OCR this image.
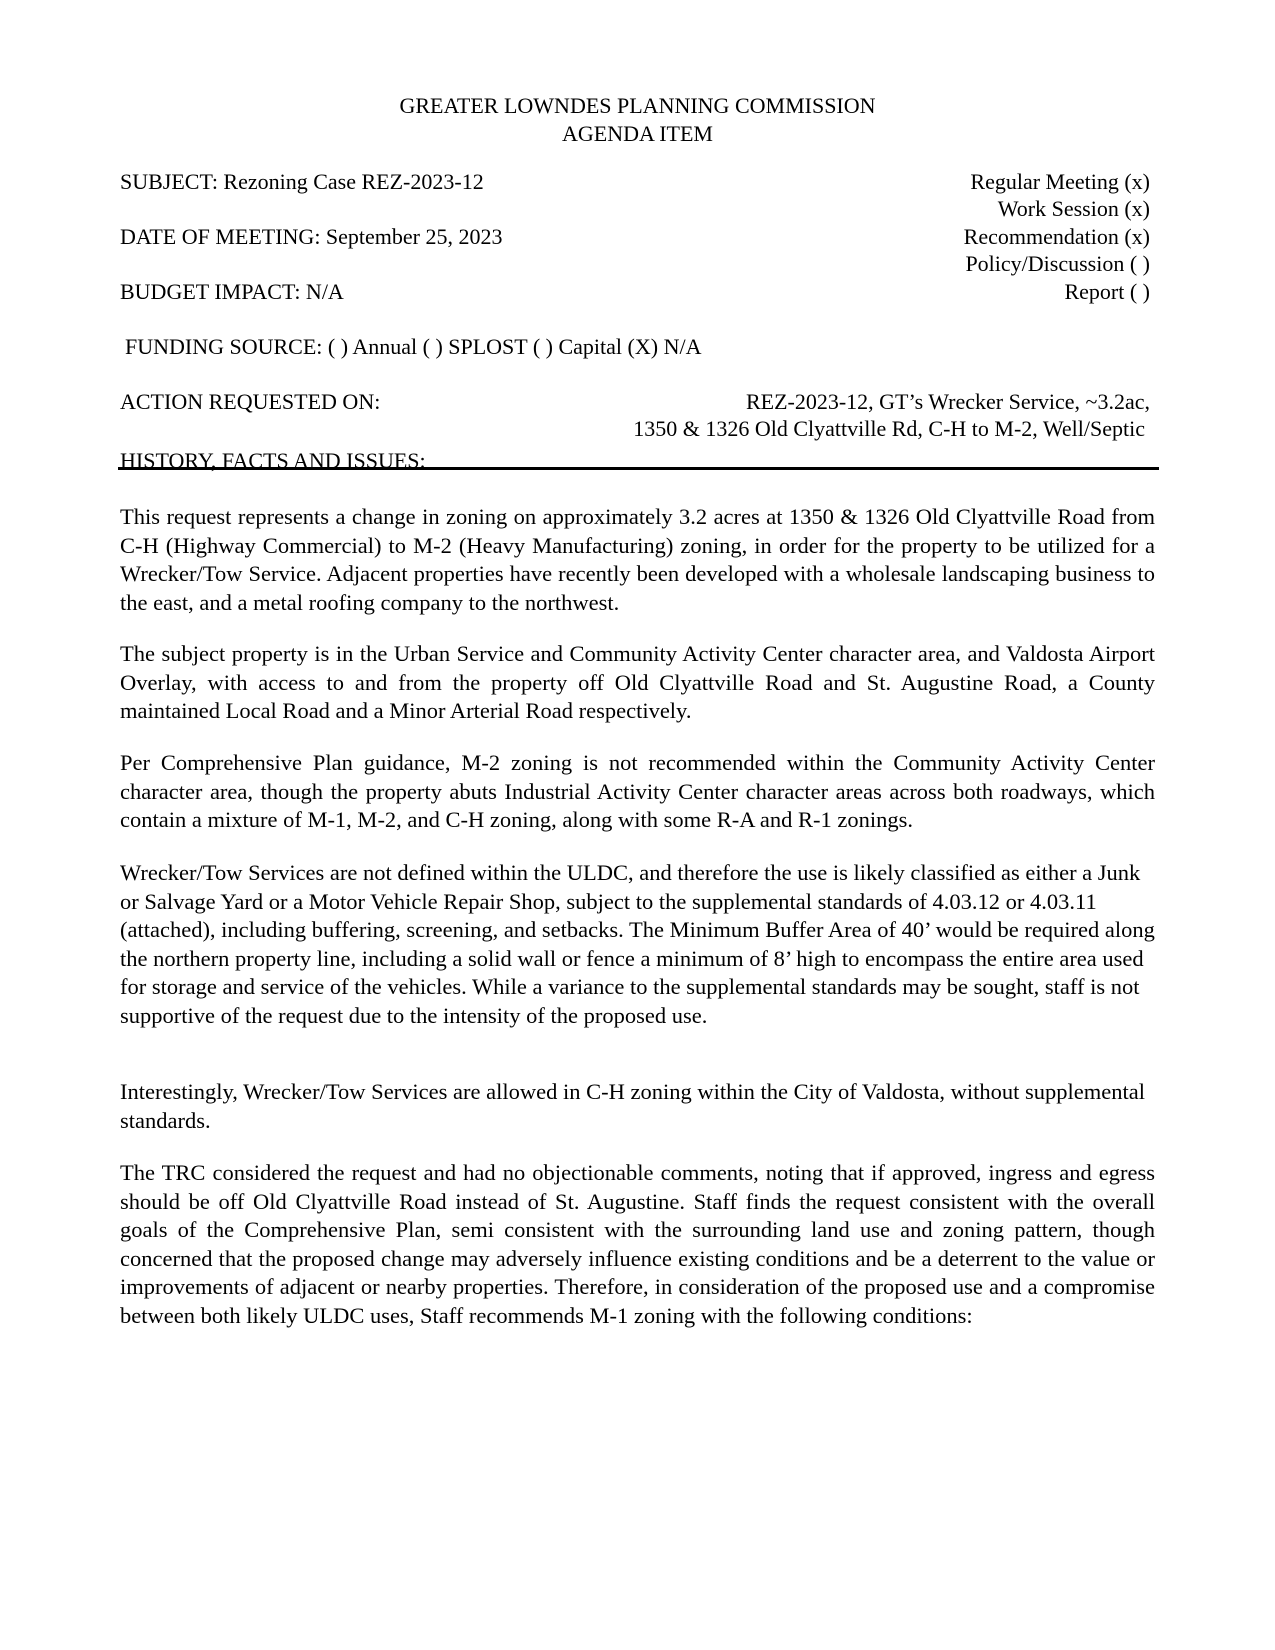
GREATER LOWNDES PLANNING COMMISSION
AGENDA ITEM
SUBJECT: Rezoning Case REZ-2023-12
DATE OF MEETING: September 25, 2023
BUDGET IMPACT: N/A
Regular Meeting (x)
Work Session (x)
Recommendation (x)
Policy/Discussion ( )
Report ( )
FUNDING SOURCE: ( ) Annual ( ) SPLOST ( ) Capital (X) N/A
ACTION REQUESTED ON:	REZ-2023-12, GT’s Wrecker Service, ~3.2ac,
1350 & 1326 Old Clyattville Rd, C-H to M-2, Well/Septic
HISTORY, FACTS AND ISSUES:

This request represents a change in zoning on approximately 3.2 acres at 1350 & 1326 Old Clyattville Road from C-H (Highway Commercial) to M-2 (Heavy Manufacturing) zoning, in order for the property to be utilized for a Wrecker/Tow Service. Adjacent properties have recently been developed with a wholesale landscaping business to the east, and a metal roofing company to the northwest.

The subject property is in the Urban Service and Community Activity Center character area, and Valdosta Airport Overlay, with access to and from the property off Old Clyattville Road and St. Augustine Road, a County maintained Local Road and a Minor Arterial Road respectively.

Per Comprehensive Plan guidance, M-2 zoning is not recommended within the Community Activity Center character area, though the property abuts Industrial Activity Center character areas across both roadways, which contain a mixture of M-1, M-2, and C-H zoning, along with some R-A and R-1 zonings.

Wrecker/Tow Services are not defined within the ULDC, and therefore the use is likely classified as either a Junk or Salvage Yard or a Motor Vehicle Repair Shop, subject to the supplemental standards of 4.03.12 or 4.03.11 (attached), including buffering, screening, and setbacks. The Minimum Buffer Area of 40’ would be required along the northern property line, including a solid wall or fence a minimum of 8’ high to encompass the entire area used for storage and service of the vehicles. While a variance to the supplemental standards may be sought, staff is not supportive of the request due to the intensity of the proposed use.

Interestingly, Wrecker/Tow Services are allowed in C-H zoning within the City of Valdosta, without supplemental standards.

The TRC considered the request and had no objectionable comments, noting that if approved, ingress and egress should be off Old Clyattville Road instead of St. Augustine. Staff finds the request consistent with the overall goals of the Comprehensive Plan, semi consistent with the surrounding land use and zoning pattern, though concerned that the proposed change may adversely influence existing conditions and be a deterrent to the value or improvements of adjacent or nearby properties. Therefore, in consideration of the proposed use and a compromise between both likely ULDC uses, Staff recommends M-1 zoning with the following conditions:
